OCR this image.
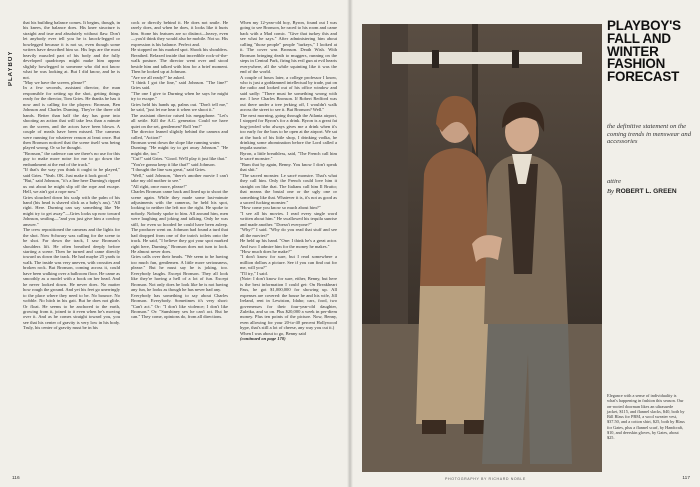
PLAYBOY

that his building balance comes. It begins, though, in his knees, the balance does. His knee structure is straight and true and absolutely without flaw. Don't let anybody ever tell you he is knock-legged or bowlegged because it is not so, even though some writers have described him so. His legs are the most heavily muscled part of his body and the fully developed quadriceps might make him appear slightly bowlegged to someone who did not know what he was looking at. But I did know, and he is not.

"May we have the screen, please?"

In a few seconds, assistant director, the man responsible for setting up the shot, getting things ready for the director, Tom Gries. He thanks he has it now and is calling for the players: Bronson, Ben Johnson and Charles Durning. They're the three old hands. Better than half the day has gone into shooting an action that will take less than a minute on the screen, and the actors have been blown. A couple of meals have been missed. The cameras were running for whatever reason at least once. But then Bronson noticed that the scene itself was being played wrong. Or so he thought.

"Bronson," the cadence can see there's no use for this guy to make more noise for me to go down the embankment at the end of the track."

"If that's the way you think it ought to be played," said Gries. "Yeah. OK. Just make it look good."

"But," said Johnson, "it's a line here Durning's ripped us out about he might slip off the rope and escape. Hell, we ain't got a rope now."

Gries slouched down his scalp with the palm of his hand (his head is shaved slick as a baby's ass). "All right. Here. Durning can say something like 'He might try to get away'"—Gries looks up now toward Johnson, smiling—"and you just give him a cowboy answer."

The crew repositioned the cameras and the lights for the shot. Now Schwary was calling for the scene to be shot. Far down the track, I saw Bronson's shoulders lift. He often breathed deeply before starting a scene. Then he turned and came directly toward us down the track. He had maybe 25 yards to walk. The inside was very uneven, with crossties and broken rock. But Bronson, coming across it, could have been walking over a ballroom floor. He came as smoothly as a model with a book on her head. And he never looked down. He never does. No matter how rough the ground. And yet his feet go unerringly to the place where they need to be. No bounce. No wobble. No hitch in his gait. But he does not glide. Or float. He seems to be anchored to the earth, growing from it, joined to it even when he's moving over it. And as he comes straight toward you, you see that his center of gravity is very low in his body. Truly, his center of gravity must be in his

cock or directly behind it. He does not smile. He rarely does, and when he does, it looks like it hurts him. Stone his features are so distinct—heavy, even—you'd think they would also be mobile. Not so. His expression is his balance. Perfect and.

He stopped on his marked spot. Shook his shoulders. Breathed. Relaxed inside that incredible rock-of-the-walk posture. The director went over and stood beside him and talked with him for a brief moment. Then he looked up at Johnson.

"Are we all ready?" he asked.

"I think I got the line," said Johnson. "The line?" Gries said.

"The one I give to Durning when he says he might try to escape."

Gries held his hands up, palms out. "Don't tell me," he said, "just let me hear it when we shoot it."

The assistant director raised his megaphone. "Let's all settle. Kill the A.C. generator. Could we have quiet on the set, gentlemen? Roll 'em!"

The director leaned slightly behind the camera and called, "Action!"

Bronson went down the slope like running water.

Durning: "He might try to get away Johnson." "He might die, too."

"Cut!" said Gries. "Good. We'll play it just like that."

"You're gonna keep it like that?" said Johnson.

"I thought the line was great," said Gries.

"Well," said Johnson, "there's another movie I can't take my old mother to see."

"All right, once more, please!"

Charles Bronson came back and lined up to shoot the scene again. While they made some last-minute adjustments with the cameras, he held his spot, looking to neither the left nor the right. He spoke to nobody. Nobody spoke to him. All around him, men were laughing and joking and talking. Only he was still, for even so hooded he could have been asleep. The producer went on. Johnson had found a turd that had dropped from one of the train's toilets onto the track. He said, "I believe they got your spot marked right here, Durning." Bronson does not turn to look. He almost never does.

Gries calls over their heads. "We seem to be having too much fun, gentlemen. A little more seriousness, please." But he must say he is joking, too. Everybody laughs. Except Bronson. They all look like they're having a hell of a lot of fun. Except Bronson. Not only does he look like he is not having any fun, he looks as though he has never had any.

Everybody has something to say about Charles Bronson. Everybody. Sometimes it's very short: "Can't act." Or: "I don't like violence; I don't like Bronson." Or: "Sunshiney sex he can't act. But he can." They come, opinions do, from all directions.

When my 12-year-old boy, Byron, found out I was going to see Bronson, he raced to his room and came back with a Mad comic. "Give that turkey this and see what he says." After administering him about calling "those people" people "turkeys," I looked at it. The cover was Bronson. Death Wish. With Bronson bringing death to muggers, running on the steps in Central Park, firing his evil gun at evil hearts everywhere, all the while squinting like it was the end of the world.

A couple of hours later, a college professor I know, who is just a goddamned intellectual by trade, put on the radio and looked out of his office window and said sadly: "There must be something wrong with me. I love Charles Bronson. If Robert Redford was out there under a tree jerking off, I wouldn't walk across the street to see it. But Bronson? Well."

The next morning, going through the Atlanta airport, I stopped for Byron's for a drink. Byron is a great fat hog-jowled who always gives me a drink when it's too early for the bars to be open at the airport. We sat at the back of his little shop, I drinking vodka, he drinking some abomination before the Lord called a tequila sunrise.

Byron, a little breathless, said, "The French call him le sacré monstre."

"Bum that by again, Benny. You know I don't speak that shit."

"The sacred monster. Le sacré monstre. That's what they call him. Only the French could love him it straight on like that. The Italians call him Il Brutto; that means the brutal one or the ugly one or something like that. Whatever it is, it's not as good as a sacred fucking monster."

"How come you know so much about him?"

"I see all his movies. I read every single word written about him." He swallowed his tequila sunrise and made another. "Doesn't everyone?"

"Why?" I said. "Why do you read that stuff and see all the movies?"

He held up his hand. "One: I think he's a great actor. And two: I admire him for the money he makes."

"How much does he make?"

"I don't know for sure, but I read somewhere a million dollars a picture. See if you can find out for me, will you?"

"I'll try," I said.

(Note: I don't know for sure, either, Benny, but here is the best information I could get: On Breakheart Pass, he got $1,000,000 for showing up. All expenses are covered: the house he and his wife, Jill Ireland, rent in Lewiston, Idaho; cars, food, two governesses for their four-year-old daughter, Zuleika, and so on. Plus $20,000 a week in per-diem money. Plus ten points of the picture. Now, Benny, even allowing for your 20-to-40 percent Hollywood hype, that's still a lot of cheese, any way you cut it.)

When I was about to go, Benny said

(continued on page 170)

116
PLAYBOY'S
FALL AND
WINTER
FASHION
FORECAST
the definitive statement on the coming trends in menswear and accessories
attire
By ROBERT L. GREEN
Elegance with a sense of individuality is what's happening in fashion this season. Our on-rooted doorman likes an ultrasuede jacket, $115, and flannel slacks, $40, both by Bill Blass for PBM, a wool sweater vest, $37.50, and a cotton shirt, $25, both by Blass for Gates, plus a flannel scarf, by Handcraft, $10, and deerskin gloves, by Gates, about $25.
PHOTOGRAPHY BY RICHARD NOBLE	117
